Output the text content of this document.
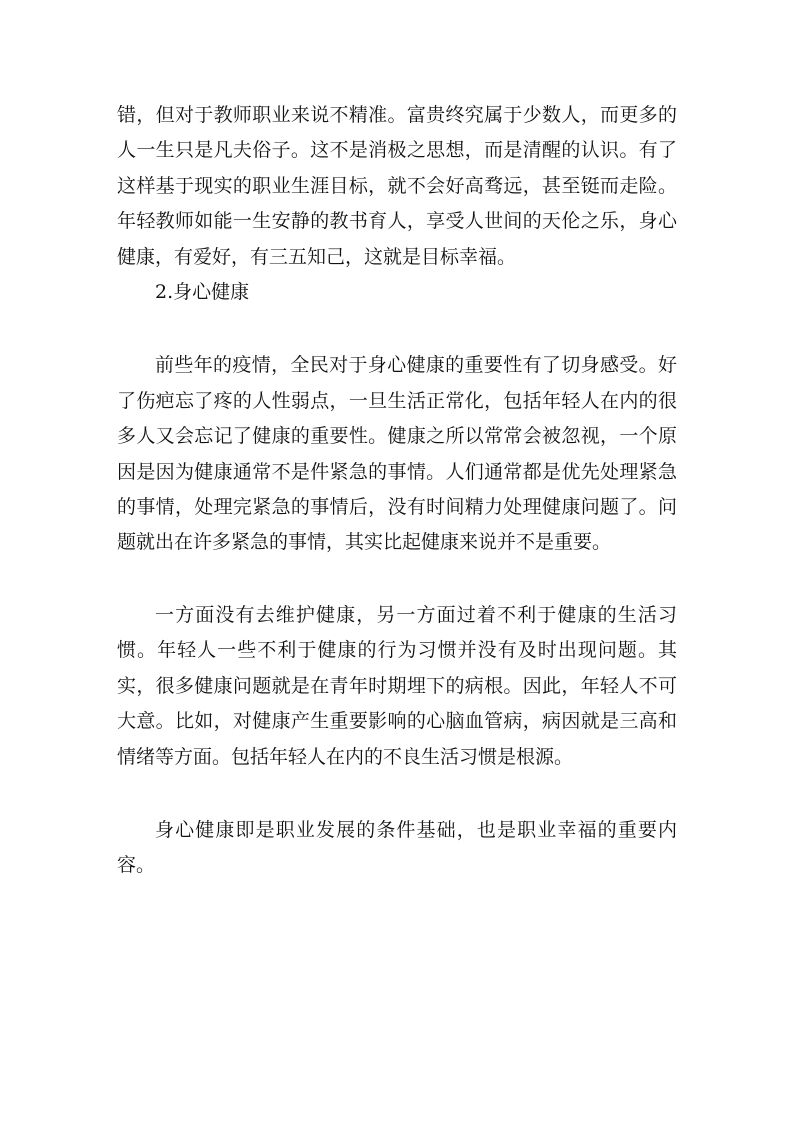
错，但对于教师职业来说不精准。富贵终究属于少数人，而更多的人一生只是凡夫俗子。这不是消极之思想，而是清醒的认识。有了这样基于现实的职业生涯目标，就不会好高骛远，甚至铤而走险。年轻教师如能一生安静的教书育人，享受人世间的天伦之乐，身心健康，有爱好，有三五知己，这就是目标幸福。

2.身心健康

前些年的疫情，全民对于身心健康的重要性有了切身感受。好了伤疤忘了疼的人性弱点，一旦生活正常化，包括年轻人在内的很多人又会忘记了健康的重要性。健康之所以常常会被忽视，一个原因是因为健康通常不是件紧急的事情。人们通常都是优先处理紧急的事情，处理完紧急的事情后，没有时间精力处理健康问题了。问题就出在许多紧急的事情，其实比起健康来说并不是重要。

一方面没有去维护健康，另一方面过着不利于健康的生活习惯。年轻人一些不利于健康的行为习惯并没有及时出现问题。其实，很多健康问题就是在青年时期埋下的病根。因此，年轻人不可大意。比如，对健康产生重要影响的心脑血管病，病因就是三高和情绪等方面。包括年轻人在内的不良生活习惯是根源。

身心健康即是职业发展的条件基础，也是职业幸福的重要内容。
